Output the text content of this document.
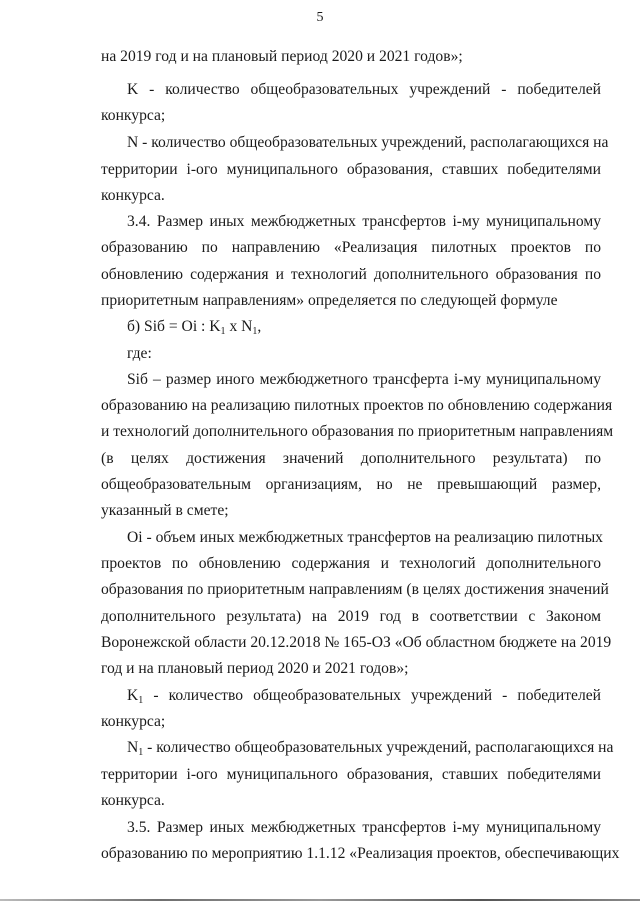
5
на 2019 год и на плановый период 2020 и 2021 годов»;
K - количество общеобразовательных учреждений - победителей
конкурса;
N - количество общеобразовательных учреждений, располагающихся на
территории i-ого муниципального образования, ставших победителями
конкурса.
3.4. Размер иных межбюджетных трансфертов i-му муниципальному
образованию по направлению «Реализация пилотных проектов по
обновлению содержания и технологий дополнительного образования по
приоритетным направлениям» определяется по следующей формуле
б) Siб = Oi : $K_1$ x $N_1$,
где:
Siб – размер иного межбюджетного трансферта i-му муниципальному
образованию на реализацию пилотных проектов по обновлению содержания
и технологий дополнительного образования по приоритетным направлениям
(в целях достижения значений дополнительного результата) по
общеобразовательным организациям, но не превышающий размер,
указанный в смете;
Oi - объем иных межбюджетных трансфертов на реализацию пилотных
проектов по обновлению содержания и технологий дополнительного
образования по приоритетным направлениям (в целях достижения значений
дополнительного результата) на 2019 год в соответствии с Законом
Воронежской области 20.12.2018 № 165-ОЗ «Об областном бюджете на 2019
год и на плановый период 2020 и 2021 годов»;
$K_1$ - количество общеобразовательных учреждений - победителей
конкурса;
$N_1$ - количество общеобразовательных учреждений, располагающихся на
территории i-ого муниципального образования, ставших победителями
конкурса.
3.5. Размер иных межбюджетных трансфертов i-му муниципальному
образованию по мероприятию 1.1.12 «Реализация проектов, обеспечивающих
